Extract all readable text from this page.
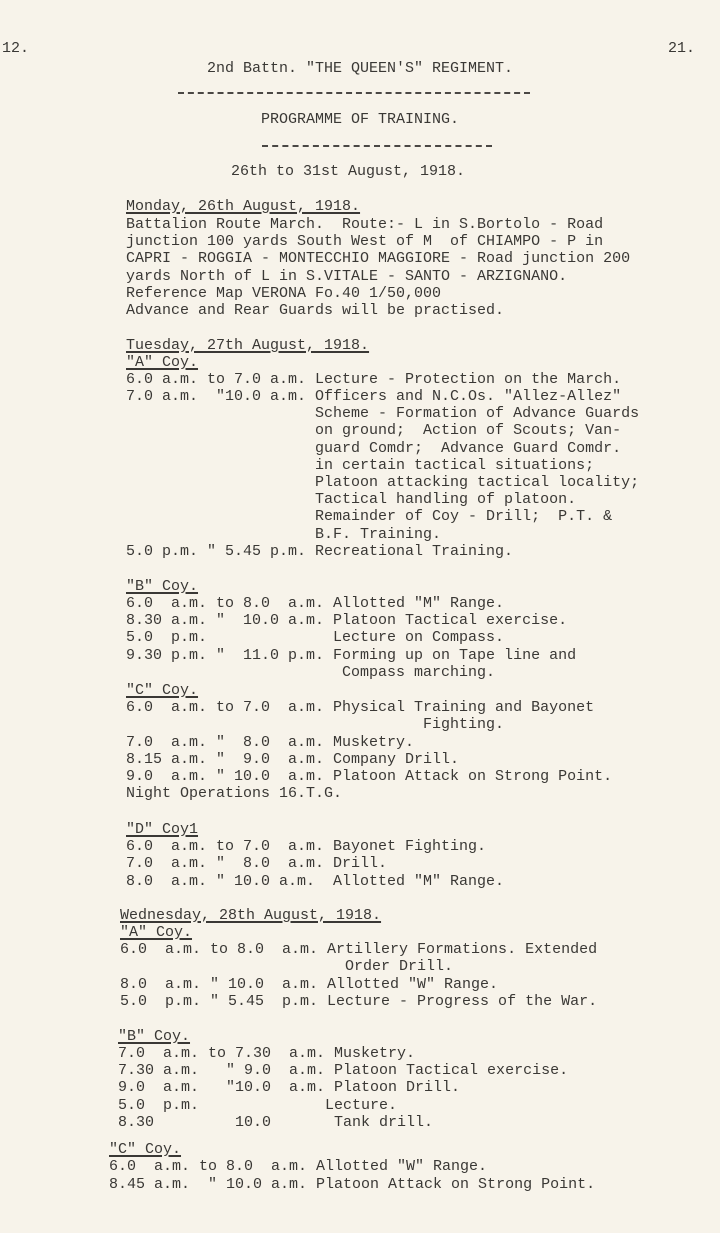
12.	21.
2nd Battn. "THE QUEEN'S" REGIMENT.
PROGRAMME OF TRAINING.
26th to 31st August, 1918.
Monday, 26th August, 1918.
Battalion Route March.  Route:- L in S.Bortolo - Road
junction 100 yards South West of M  of CHIAMPO - P in
CAPRI - ROGGIA - MONTECCHIO MAGGIORE - Road junction 200
yards North of L in S.VITALE - SANTO - ARZIGNANO.
Reference Map VERONA Fo.40 1/50,000
Advance and Rear Guards will be practised.
Tuesday, 27th August, 1918.
"A" Coy.
6.0 a.m. to 7.0 a.m. Lecture - Protection on the March.
7.0 a.m.  "10.0 a.m. Officers and N.C.Os. "Allez-Allez"
Scheme - Formation of Advance Guards
on ground;  Action of Scouts; Van-
guard Comdr;  Advance Guard Comdr.
in certain tactical situations;
Platoon attacking tactical locality;
Tactical handling of platoon.
Remainder of Coy - Drill;  P.T. &
B.F. Training.
5.0 p.m. " 5.45 p.m. Recreational Training.
"B" Coy.
6.0  a.m. to 8.0  a.m. Allotted "M" Range.
8.30 a.m. "  10.0 a.m. Platoon Tactical exercise.
5.0  p.m.              Lecture on Compass.
9.30 p.m. "  11.0 p.m. Forming up on Tape line and
Compass marching.
"C" Coy.
6.0  a.m. to 7.0  a.m. Physical Training and Bayonet
Fighting.
7.0  a.m. "  8.0  a.m. Musketry.
8.15 a.m. "  9.0  a.m. Company Drill.
9.0  a.m. " 10.0  a.m. Platoon Attack on Strong Point.
Night Operations 16.T.G.
"D" Coy1
6.0  a.m. to 7.0  a.m. Bayonet Fighting.
7.0  a.m. "  8.0  a.m. Drill.
8.0  a.m. " 10.0 a.m.  Allotted "M" Range.
Wednesday, 28th August, 1918.
"A" Coy.
6.0  a.m. to 8.0  a.m. Artillery Formations. Extended
Order Drill.
8.0  a.m. " 10.0  a.m. Allotted "W" Range.
5.0  p.m. " 5.45  p.m. Lecture - Progress of the War.
"B" Coy.
7.0  a.m. to 7.30  a.m. Musketry.
7.30 a.m.   " 9.0  a.m. Platoon Tactical exercise.
9.0  a.m.   "10.0  a.m. Platoon Drill.
5.0  p.m.              Lecture.
8.30         10.0       Tank drill.
"C" Coy.
6.0  a.m. to 8.0  a.m. Allotted "W" Range.
8.45 a.m.  " 10.0 a.m. Platoon Attack on Strong Point.
